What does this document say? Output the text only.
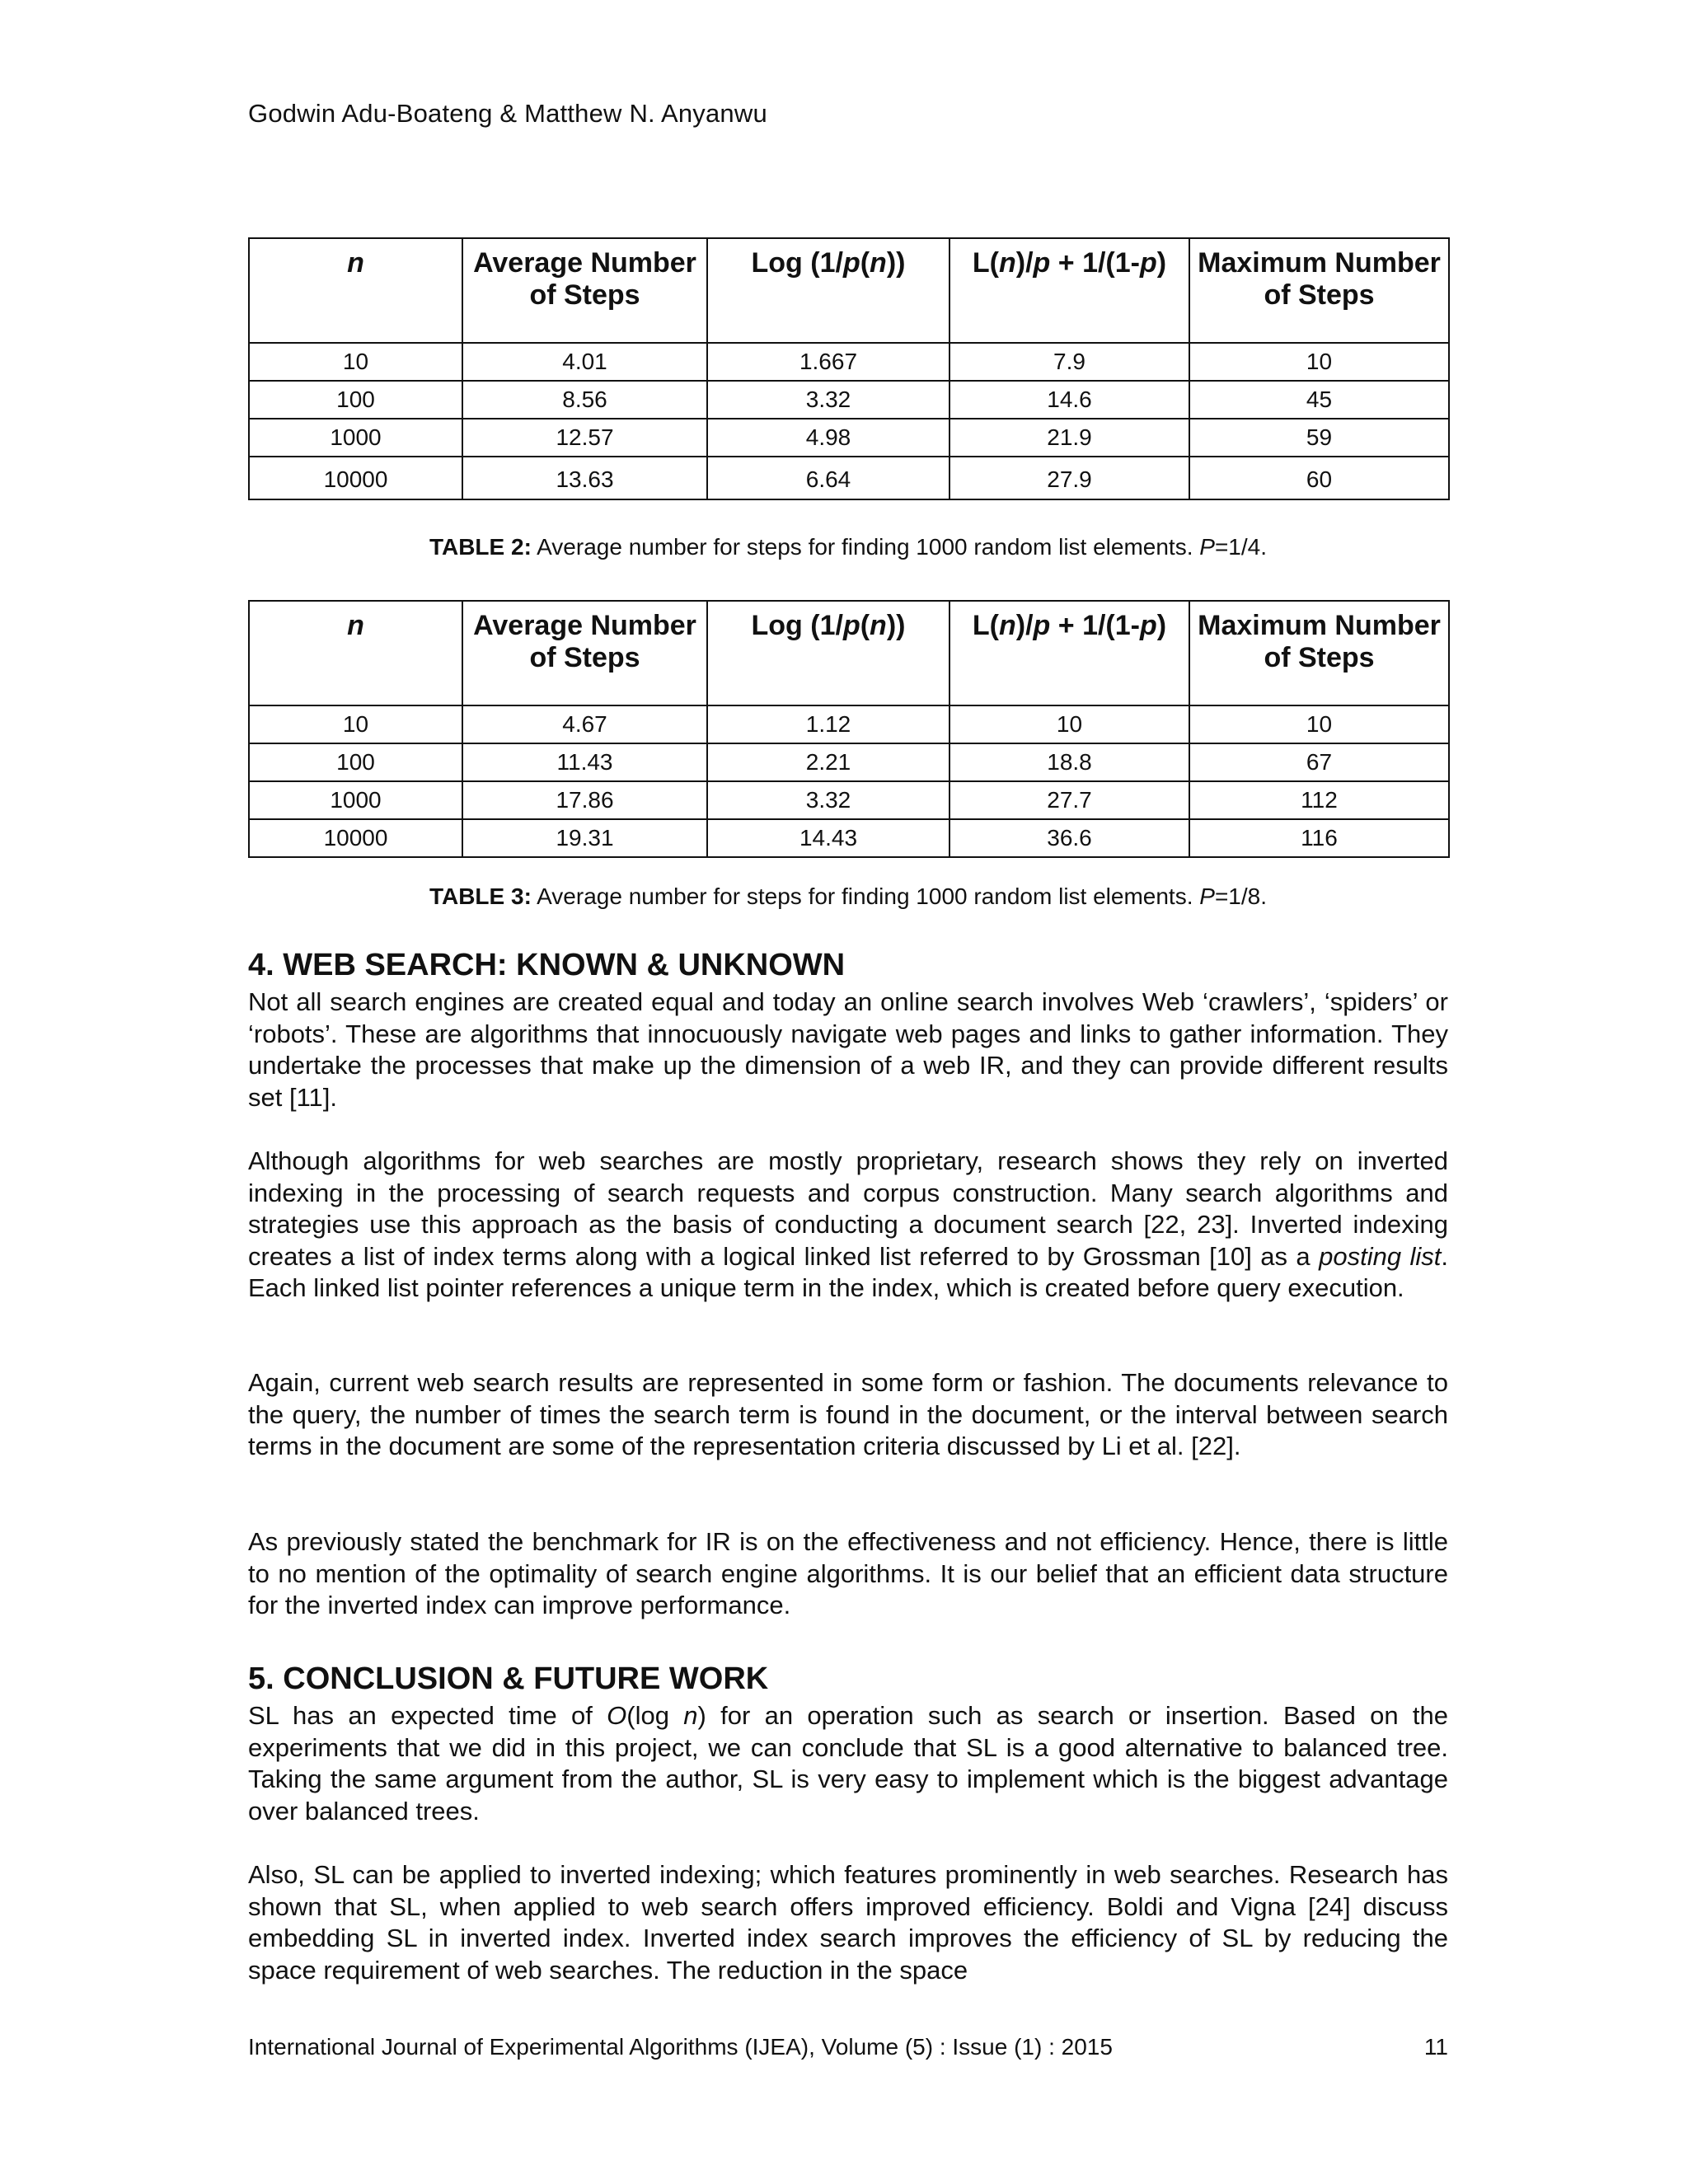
Godwin Adu-Boateng & Matthew N. Anyanwu
n	Average Number of Steps	Log (1/p(n))	L(n)/p + 1/(1-p)	Maximum Number of Steps
10	4.01	1.667	7.9	10
100	8.56	3.32	14.6	45
1000	12.57	4.98	21.9	59
10000	13.63	6.64	27.9	60
TABLE 2: Average number for steps for finding 1000 random list elements. P=1/4.
n	Average Number of Steps	Log (1/p(n))	L(n)/p + 1/(1-p)	Maximum Number of Steps
10	4.67	1.12	10	10
100	11.43	2.21	18.8	67
1000	17.86	3.32	27.7	112
10000	19.31	14.43	36.6	116
TABLE 3: Average number for steps for finding 1000 random list elements. P=1/8.
4. WEB SEARCH: KNOWN & UNKNOWN
Not all search engines are created equal and today an online search involves Web ‘crawlers’, ‘spiders’ or ‘robots’. These are algorithms that innocuously navigate web pages and links to gather information. They undertake the processes that make up the dimension of a web IR, and they can provide different results set [11].
Although algorithms for web searches are mostly proprietary, research shows they rely on inverted indexing in the processing of search requests and corpus construction. Many search algorithms and strategies use this approach as the basis of conducting a document search [22, 23]. Inverted indexing creates a list of index terms along with a logical linked list referred to by Grossman [10] as a posting list. Each linked list pointer references a unique term in the index, which is created before query execution.
Again, current web search results are represented in some form or fashion. The documents relevance to the query, the number of times the search term is found in the document, or the interval between search terms in the document are some of the representation criteria discussed by Li et al. [22].
As previously stated the benchmark for IR is on the effectiveness and not efficiency. Hence, there is little to no mention of the optimality of search engine algorithms. It is our belief that an efficient data structure for the inverted index can improve performance.
5. CONCLUSION & FUTURE WORK
SL has an expected time of O(log n) for an operation such as search or insertion. Based on the experiments that we did in this project, we can conclude that SL is a good alternative to balanced tree. Taking the same argument from the author, SL is very easy to implement which is the biggest advantage over balanced trees.
Also, SL can be applied to inverted indexing; which features prominently in web searches. Research has shown that SL, when applied to web search offers improved efficiency. Boldi and Vigna [24] discuss embedding SL in inverted index. Inverted index search improves the efficiency of SL by reducing the space requirement of web searches. The reduction in the space
International Journal of Experimental Algorithms (IJEA), Volume (5) : Issue (1) : 2015	11
